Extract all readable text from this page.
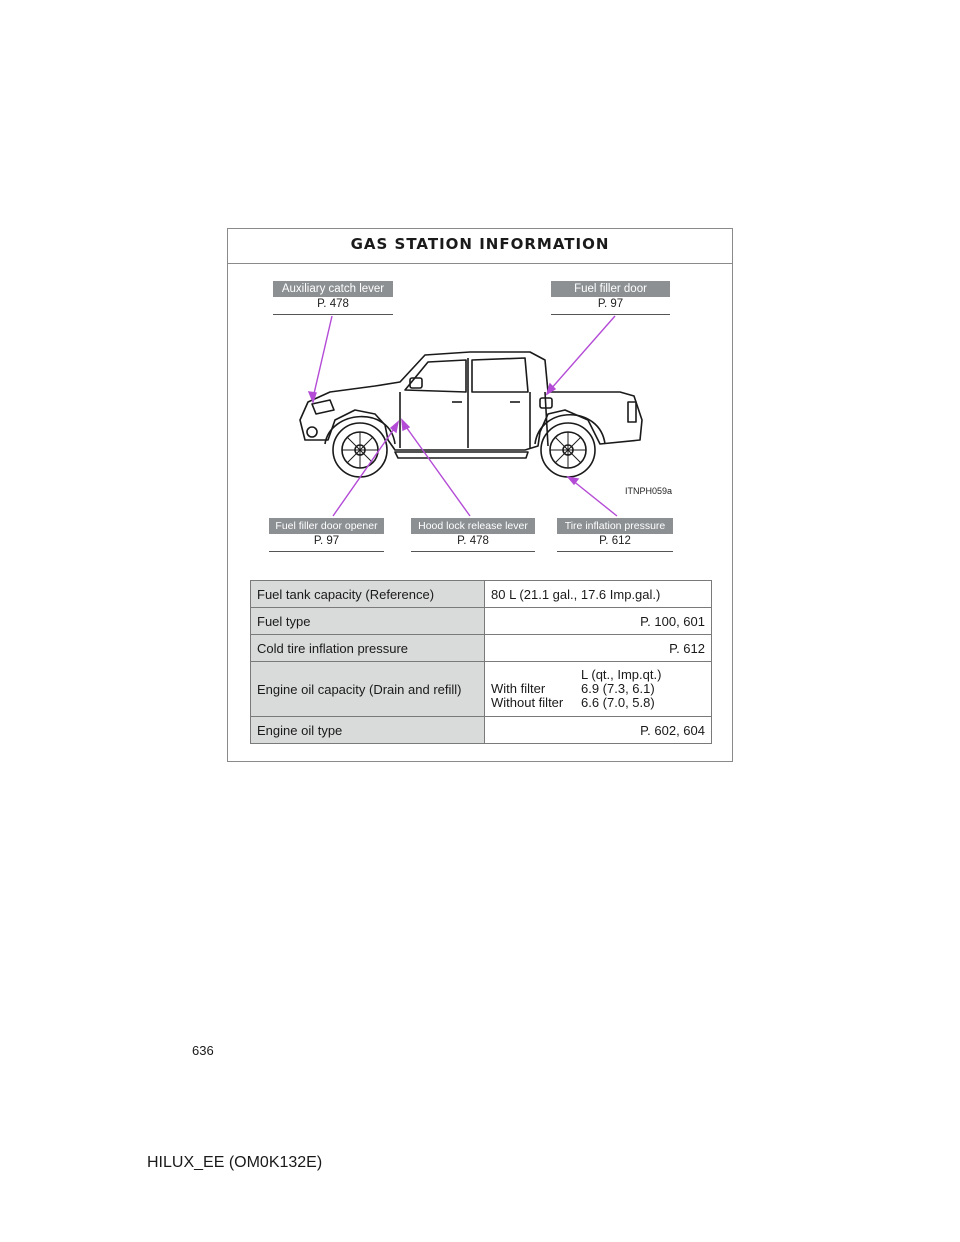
GAS STATION INFORMATION
ITNPH059a
Auxiliary catch lever
P. 478
Fuel filler door
P. 97
Fuel filler door opener
P. 97
Hood lock release lever
P. 478
Tire inflation pressure
P. 612
Fuel tank capacity (Reference)	80 L (21.1 gal., 17.6 Imp.gal.)
Fuel type	P. 100, 601
Cold tire inflation pressure	P. 612
Engine oil capacity (Drain and refill)	L (qt., Imp.qt.)
With filter 6.9 (7.3, 6.1)
Without filter 6.6 (7.0, 5.8)

Engine oil type	P. 602, 604
636
HILUX_EE (OM0K132E)
